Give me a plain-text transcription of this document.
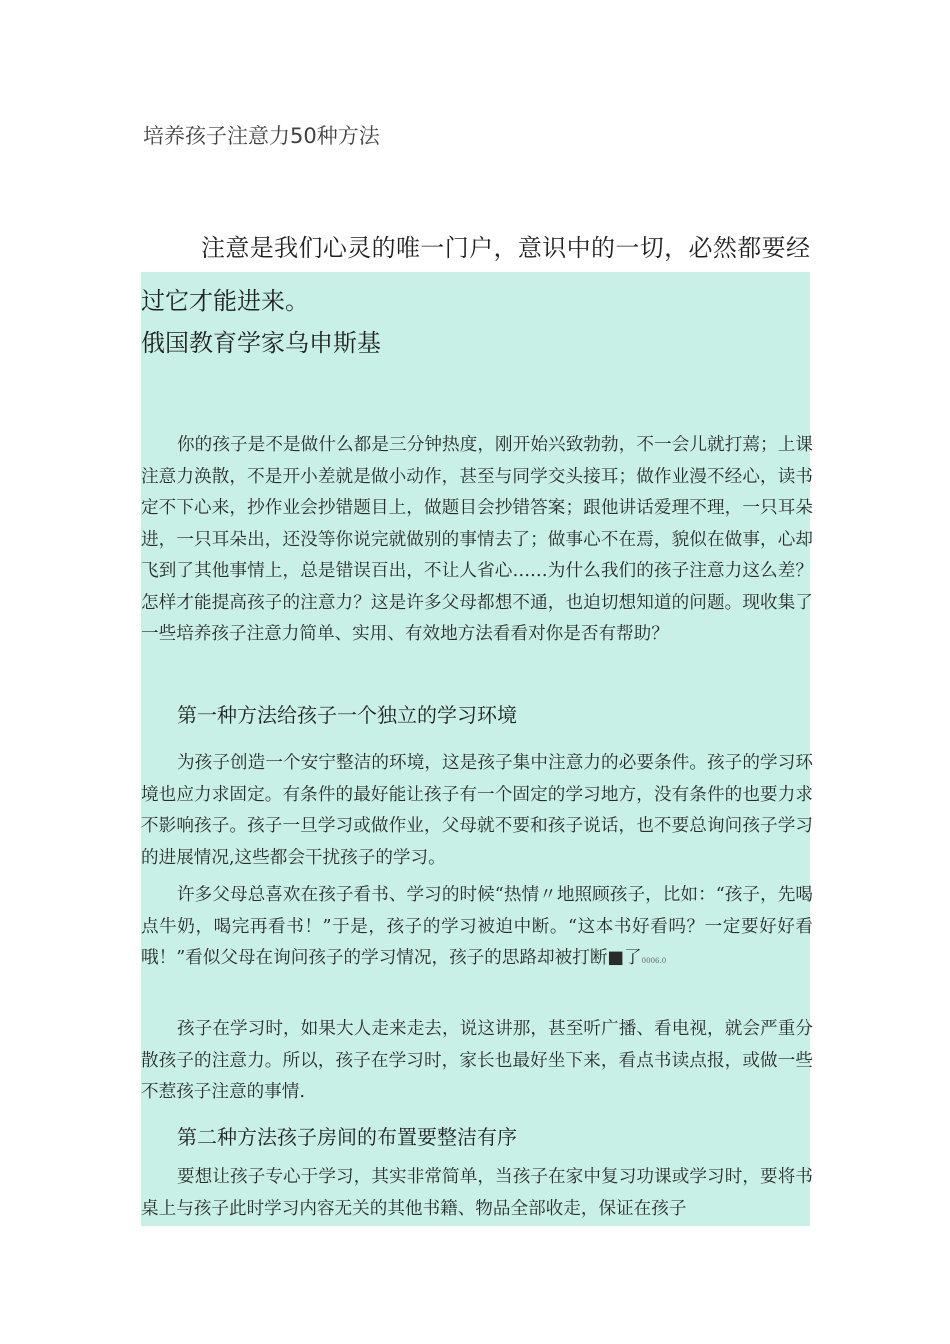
培养孩子注意力50种方法

注意是我们心灵的唯一门户，意识中的一切，必然都要经过它才能进来。

俄国教育学家乌申斯基

你的孩子是不是做什么都是三分钟热度，刚开始兴致勃勃，不一会儿就打蔫；上课注意力涣散，不是开小差就是做小动作，甚至与同学交头接耳；做作业漫不经心，读书定不下心来，抄作业会抄错题目上，做题目会抄错答案；跟他讲话爱理不理，一只耳朵进，一只耳朵出，还没等你说完就做别的事情去了；做事心不在焉，貌似在做事，心却飞到了其他事情上，总是错误百出，不让人省心……为什么我们的孩子注意力这么差？怎样才能提高孩子的注意力？这是许多父母都想不通，也迫切想知道的问题。现收集了一些培养孩子注意力简单、实用、有效地方法看看对你是否有帮助？

第一种方法给孩子一个独立的学习环境

为孩子创造一个安宁整洁的环境，这是孩子集中注意力的必要条件。孩子的学习环境也应力求固定。有条件的最好能让孩子有一个固定的学习地方，没有条件的也要力求不影响孩子。孩子一旦学习或做作业，父母就不要和孩子说话，也不要总询问孩子学习的进展情况,这些都会干扰孩子的学习。

许多父母总喜欢在孩子看书、学习的时候“热情〃地照顾孩子，比如：“孩子，先喝点牛奶，喝完再看书！”于是，孩子的学习被迫中断。“这本书好看吗？一定要好好看哦！”看似父母在询问孩子的学习情况，孩子的思路却被打断■了0006.0

孩子在学习时，如果大人走来走去，说这讲那，甚至听广播、看电视，就会严重分散孩子的注意力。所以，孩子在学习时，家长也最好坐下来，看点书读点报，或做一些不惹孩子注意的事情.

第二种方法孩子房间的布置要整洁有序

要想让孩子专心于学习，其实非常简单，当孩子在家中复习功课或学习时，要将书桌上与孩子此时学习内容无关的其他书籍、物品全部收走，保证在孩子
